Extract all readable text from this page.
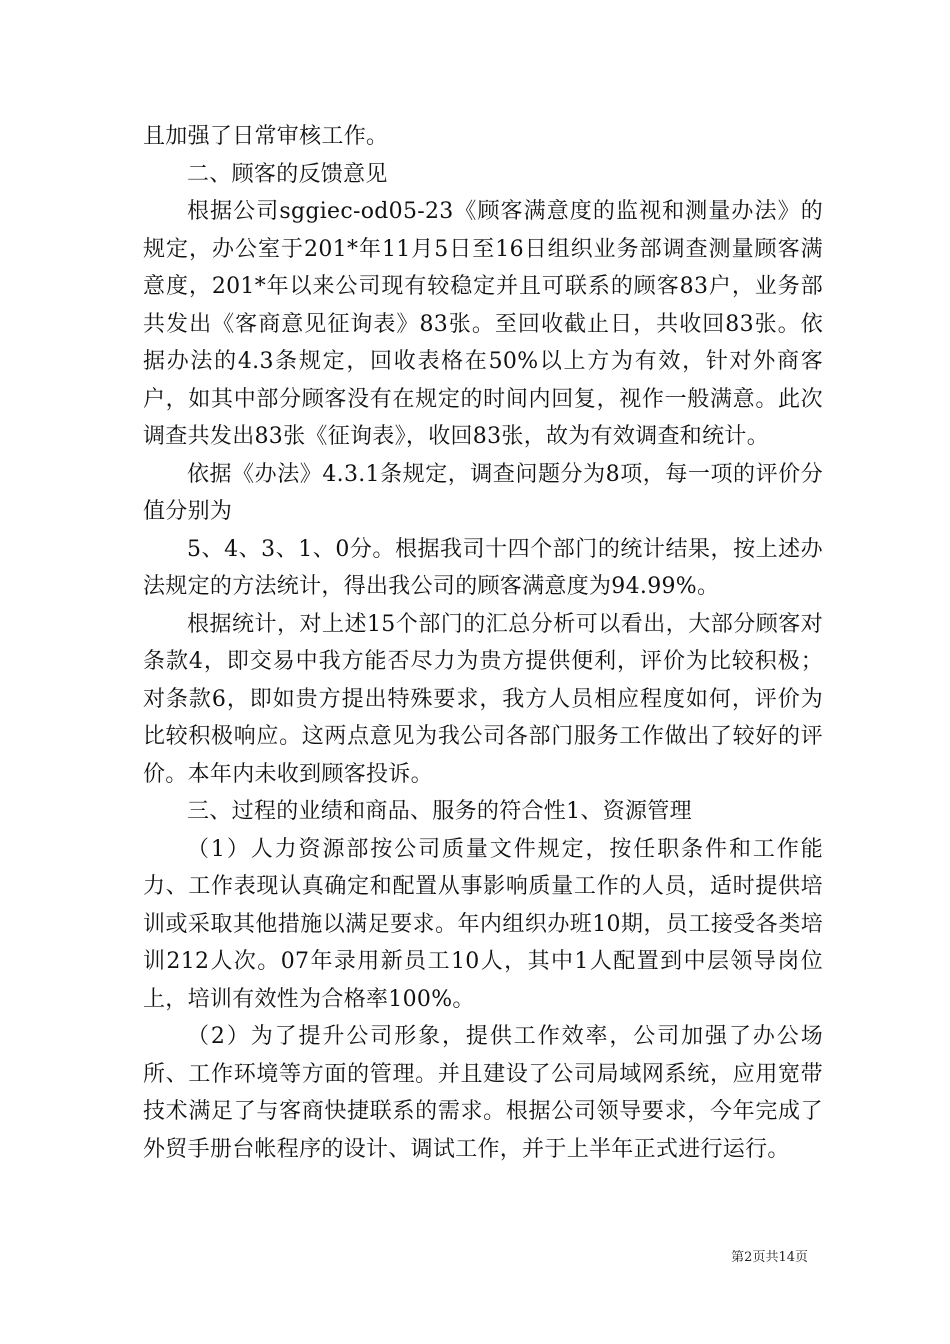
且加强了日常审核工作。

二、顾客的反馈意见

根据公司sggiec-od05-23《顾客满意度的监视和测量办法》的规定，办公室于201*年11月5日至16日组织业务部调查测量顾客满意度，201*年以来公司现有较稳定并且可联系的顾客83户，业务部共发出《客商意见征询表》83张。至回收截止日，共收回83张。依据办法的4.3条规定，回收表格在50%以上方为有效，针对外商客户，如其中部分顾客没有在规定的时间内回复，视作一般满意。此次调查共发出83张《征询表》，收回83张，故为有效调查和统计。

依据《办法》4.3.1条规定，调查问题分为8项，每一项的评价分值分别为

5、4、3、1、0分。根据我司十四个部门的统计结果，按上述办法规定的方法统计，得出我公司的顾客满意度为94.99%。

根据统计，对上述15个部门的汇总分析可以看出，大部分顾客对条款4，即交易中我方能否尽力为贵方提供便利，评价为比较积极；对条款6，即如贵方提出特殊要求，我方人员相应程度如何，评价为比较积极响应。这两点意见为我公司各部门服务工作做出了较好的评价。本年内未收到顾客投诉。

三、过程的业绩和商品、服务的符合性1、资源管理

（1）人力资源部按公司质量文件规定，按任职条件和工作能力、工作表现认真确定和配置从事影响质量工作的人员，适时提供培训或采取其他措施以满足要求。年内组织办班10期，员工接受各类培训212人次。07年录用新员工10人，其中1人配置到中层领导岗位上，培训有效性为合格率100%。

（2）为了提升公司形象，提供工作效率，公司加强了办公场所、工作环境等方面的管理。并且建设了公司局域网系统，应用宽带技术满足了与客商快捷联系的需求。根据公司领导要求，今年完成了外贸手册台帐程序的设计、调试工作，并于上半年正式进行运行。

第2页共14页
